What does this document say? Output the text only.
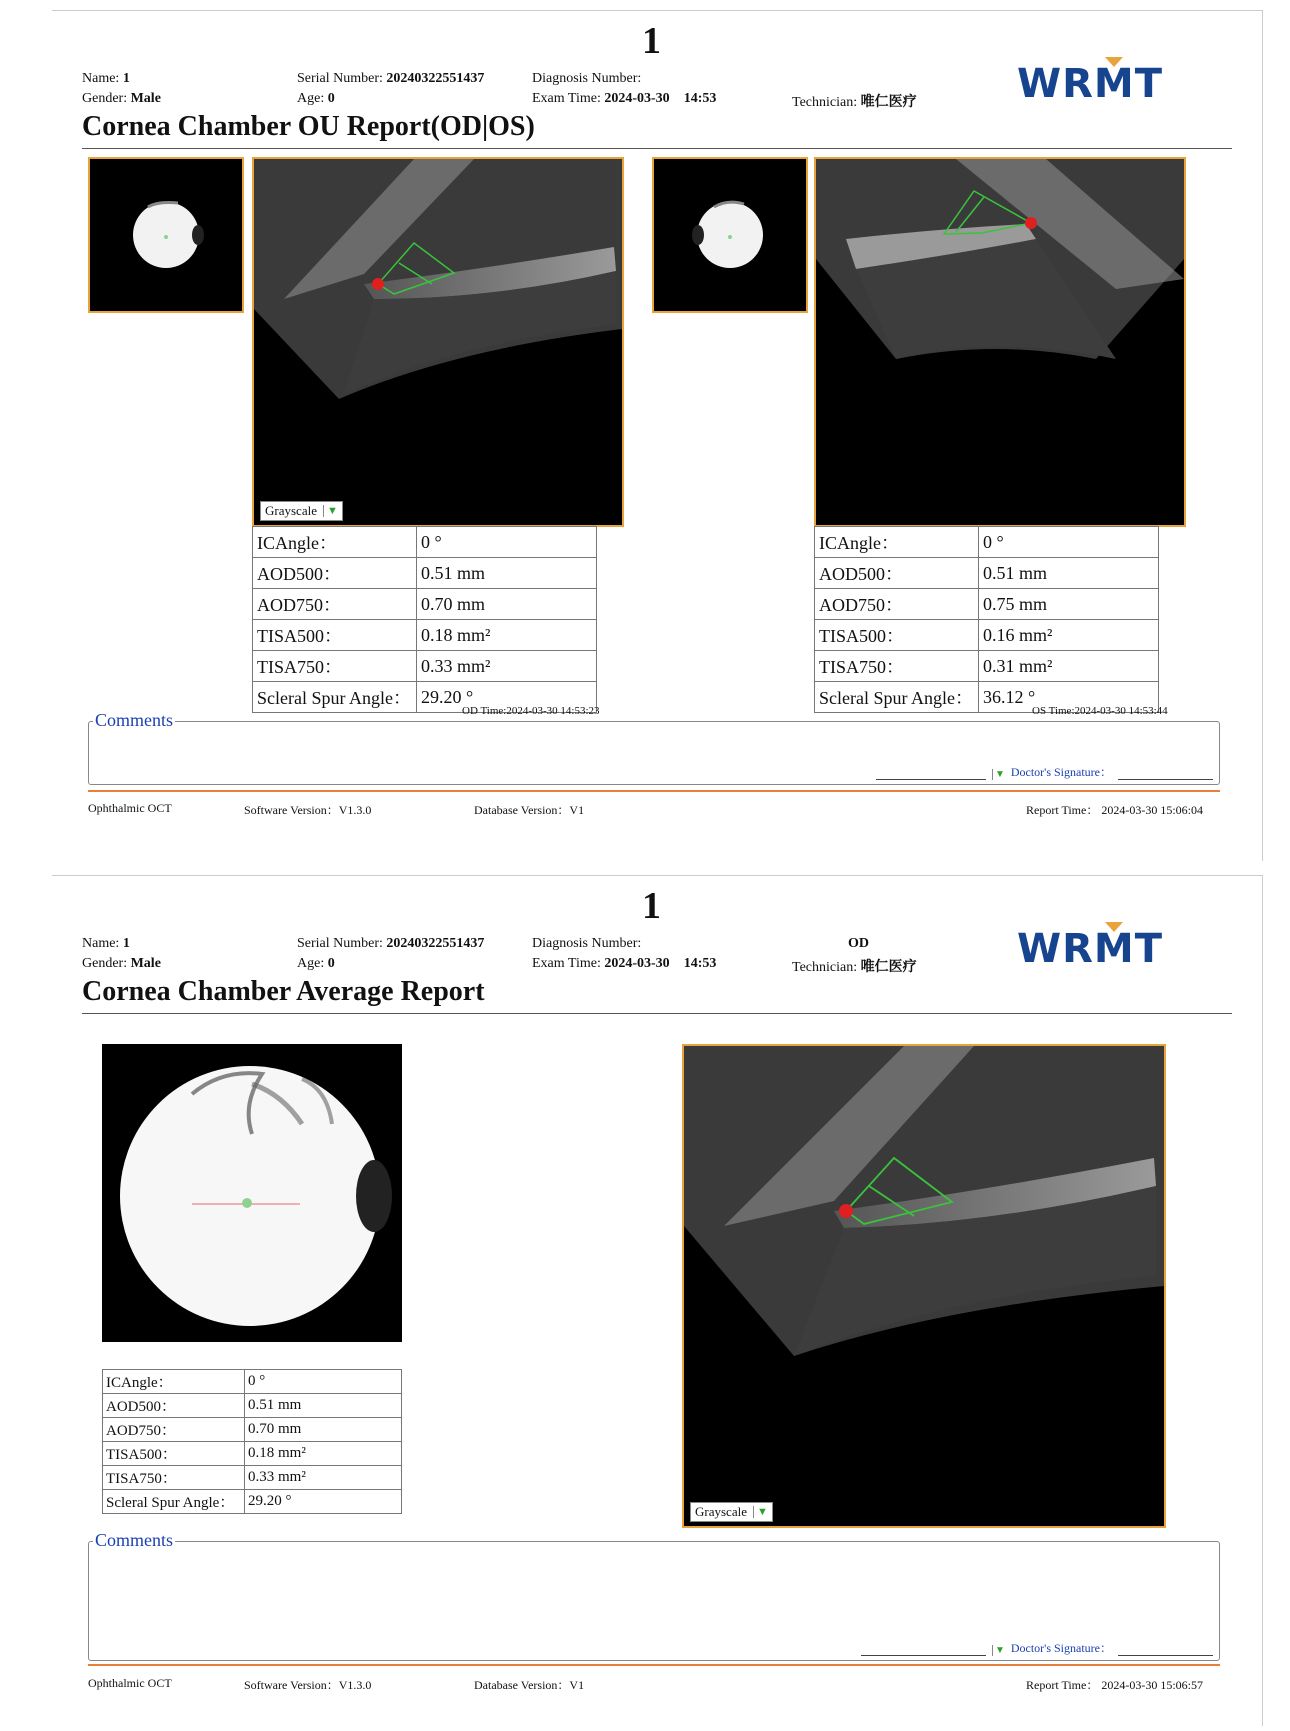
1
Name: 1
Gender: Male
Serial Number: 20240322551437
Age: 0
Diagnosis Number:
Exam Time: 2024-03-30 14:53	Technician: 唯仁医疗	WRMT
Cornea Chamber OU Report(OD|OS)
Grayscale ▼
ICAngle：	0 °
AOD500：	0.51 mm
AOD750：	0.70 mm
TISA500：	0.18 mm²
TISA750：	0.33 mm²
Scleral Spur Angle：	29.20 °
OD Time:2024-03-30 14:53:23
ICAngle：	0 °
AOD500：	0.51 mm
AOD750：	0.75 mm
TISA500：	0.16 mm²
TISA750：	0.31 mm²
Scleral Spur Angle：	36.12 °
OS Time:2024-03-30 14:53:44
Comments
▼ Doctor's Signature：
Ophthalmic OCT	Software Version：V1.3.0	Database Version：V1	Report Time： 2024-03-30 15:06:04
1
Name: 1
Gender: Male
Serial Number: 20240322551437
Age: 0
Diagnosis Number:
Exam Time: 2024-03-30 14:53
OD
Technician: 唯仁医疗	WRMT
Cornea Chamber Average Report
Grayscale ▼
ICAngle：	0 °
AOD500：	0.51 mm
AOD750：	0.70 mm
TISA500：	0.18 mm²
TISA750：	0.33 mm²
Scleral Spur Angle：	29.20 °
Comments
▼ Doctor's Signature：
Ophthalmic OCT	Software Version：V1.3.0	Database Version：V1	Report Time： 2024-03-30 15:06:57
